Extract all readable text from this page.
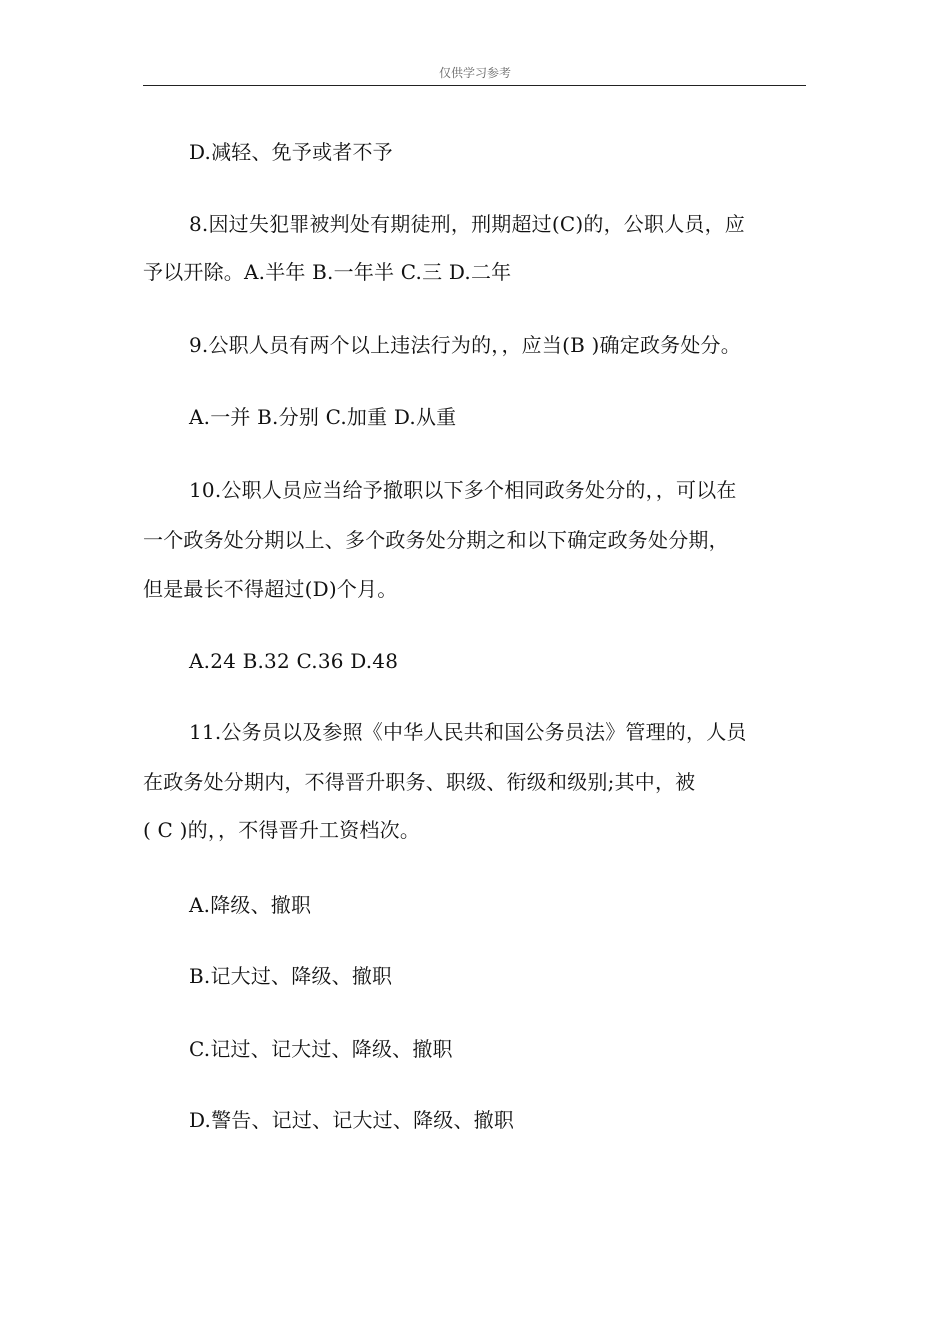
仅供学习参考
D.减轻、免予或者不予
8.因过失犯罪被判处有期徒刑，刑期超过(C)的，公职人员，应
予以开除。A.半年 B.一年半 C.三 D.二年
9.公职人员有两个以上违法行为的，，应当(B )确定政务处分。
A.一并 B.分别 C.加重 D.从重
10.公职人员应当给予撤职以下多个相同政务处分的，，可以在
一个政务处分期以上、多个政务处分期之和以下确定政务处分期，
但是最长不得超过(D)个月。
A.24 B.32 C.36 D.48
11.公务员以及参照《中华人民共和国公务员法》管理的，人员
在政务处分期内，不得晋升职务、职级、衔级和级别;其中，被
( C )的，，不得晋升工资档次。
A.降级、撤职
B.记大过、降级、撤职
C.记过、记大过、降级、撤职
D.警告、记过、记大过、降级、撤职
